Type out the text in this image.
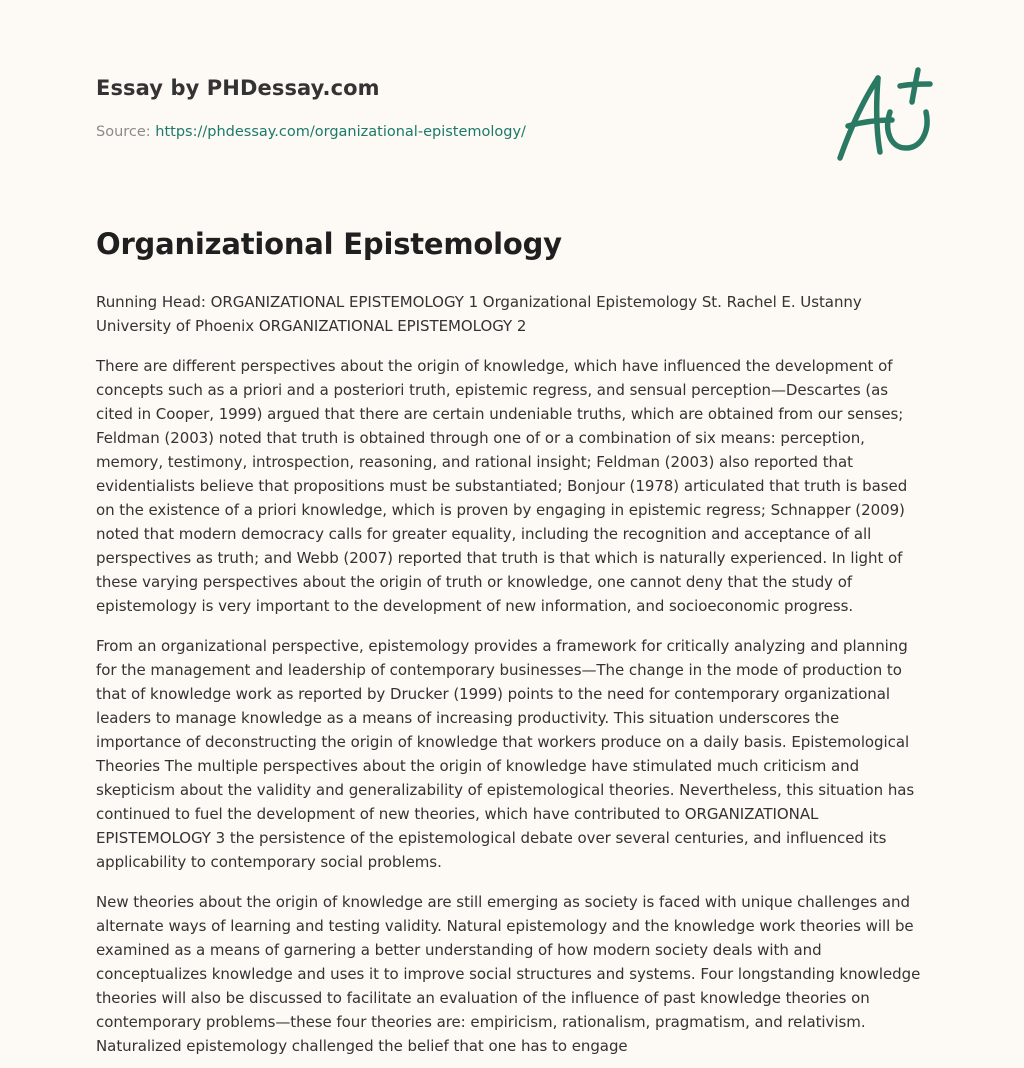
Essay by PHDessay.com
Source: https://phdessay.com/organizational-epistemology/
Organizational Epistemology

Running Head: ORGANIZATIONAL EPISTEMOLOGY 1 Organizational Epistemology St. Rachel E. Ustanny University of Phoenix ORGANIZATIONAL EPISTEMOLOGY 2

There are different perspectives about the origin of knowledge, which have influenced the development of concepts such as a priori and a posteriori truth, epistemic regress, and sensual perception—Descartes (as cited in Cooper, 1999) argued that there are certain undeniable truths, which are obtained from our senses; Feldman (2003) noted that truth is obtained through one of or a combination of six means: perception, memory, testimony, introspection, reasoning, and rational insight; Feldman (2003) also reported that evidentialists believe that propositions must be substantiated; Bonjour (1978) articulated that truth is based on the existence of a priori knowledge, which is proven by engaging in epistemic regress; Schnapper (2009) noted that modern democracy calls for greater equality, including the recognition and acceptance of all perspectives as truth; and Webb (2007) reported that truth is that which is naturally experienced. In light of these varying perspectives about the origin of truth or knowledge, one cannot deny that the study of epistemology is very important to the development of new information, and socioeconomic progress.

From an organizational perspective, epistemology provides a framework for critically analyzing and planning for the management and leadership of contemporary businesses—The change in the mode of production to that of knowledge work as reported by Drucker (1999) points to the need for contemporary organizational leaders to manage knowledge as a means of increasing productivity. This situation underscores the importance of deconstructing the origin of knowledge that workers produce on a daily basis. Epistemological Theories The multiple perspectives about the origin of knowledge have stimulated much criticism and skepticism about the validity and generalizability of epistemological theories. Nevertheless, this situation has continued to fuel the development of new theories, which have contributed to ORGANIZATIONAL EPISTEMOLOGY 3 the persistence of the epistemological debate over several centuries, and influenced its applicability to contemporary social problems.

New theories about the origin of knowledge are still emerging as society is faced with unique challenges and alternate ways of learning and testing validity. Natural epistemology and the knowledge work theories will be examined as a means of garnering a better understanding of how modern society deals with and conceptualizes knowledge and uses it to improve social structures and systems. Four longstanding knowledge theories will also be discussed to facilitate an evaluation of the influence of past knowledge theories on contemporary problems—these four theories are: empiricism, rationalism, pragmatism, and relativism. Naturalized epistemology challenged the belief that one has to engage
